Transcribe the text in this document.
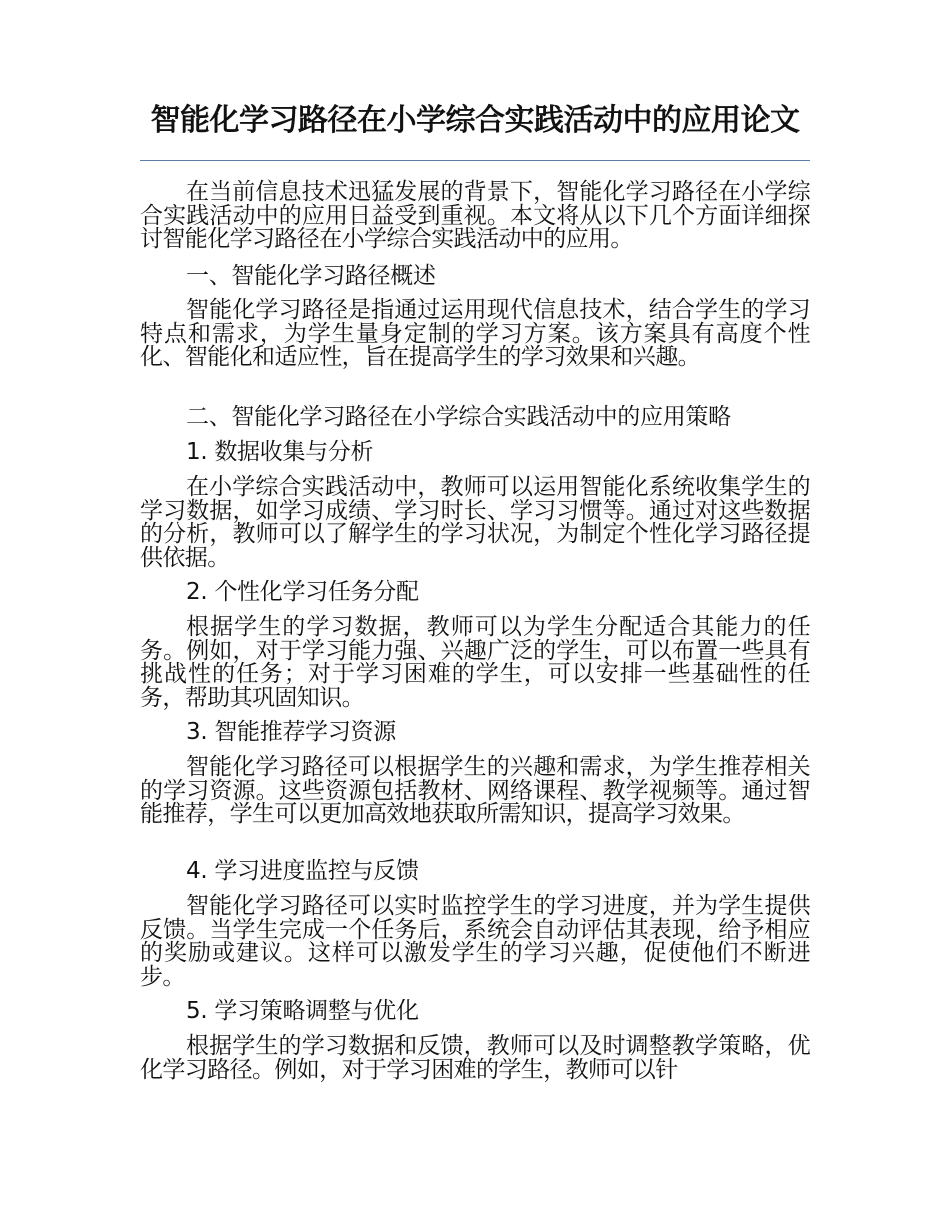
智能化学习路径在小学综合实践活动中的应用论文

在当前信息技术迅猛发展的背景下，智能化学习路径在小学综合实践活动中的应用日益受到重视。本文将从以下几个方面详细探讨智能化学习路径在小学综合实践活动中的应用。

一、智能化学习路径概述

智能化学习路径是指通过运用现代信息技术，结合学生的学习特点和需求，为学生量身定制的学习方案。该方案具有高度个性化、智能化和适应性，旨在提高学生的学习效果和兴趣。

二、智能化学习路径在小学综合实践活动中的应用策略

1. 数据收集与分析

在小学综合实践活动中，教师可以运用智能化系统收集学生的学习数据，如学习成绩、学习时长、学习习惯等。通过对这些数据的分析，教师可以了解学生的学习状况，为制定个性化学习路径提供依据。

2. 个性化学习任务分配

根据学生的学习数据，教师可以为学生分配适合其能力的任务。例如，对于学习能力强、兴趣广泛的学生，可以布置一些具有挑战性的任务；对于学习困难的学生，可以安排一些基础性的任务，帮助其巩固知识。

3. 智能推荐学习资源

智能化学习路径可以根据学生的兴趣和需求，为学生推荐相关的学习资源。这些资源包括教材、网络课程、教学视频等。通过智能推荐，学生可以更加高效地获取所需知识，提高学习效果。

4. 学习进度监控与反馈

智能化学习路径可以实时监控学生的学习进度，并为学生提供反馈。当学生完成一个任务后，系统会自动评估其表现，给予相应的奖励或建议。这样可以激发学生的学习兴趣，促使他们不断进步。

5. 学习策略调整与优化

根据学生的学习数据和反馈，教师可以及时调整教学策略，优化学习路径。例如，对于学习困难的学生，教师可以针
